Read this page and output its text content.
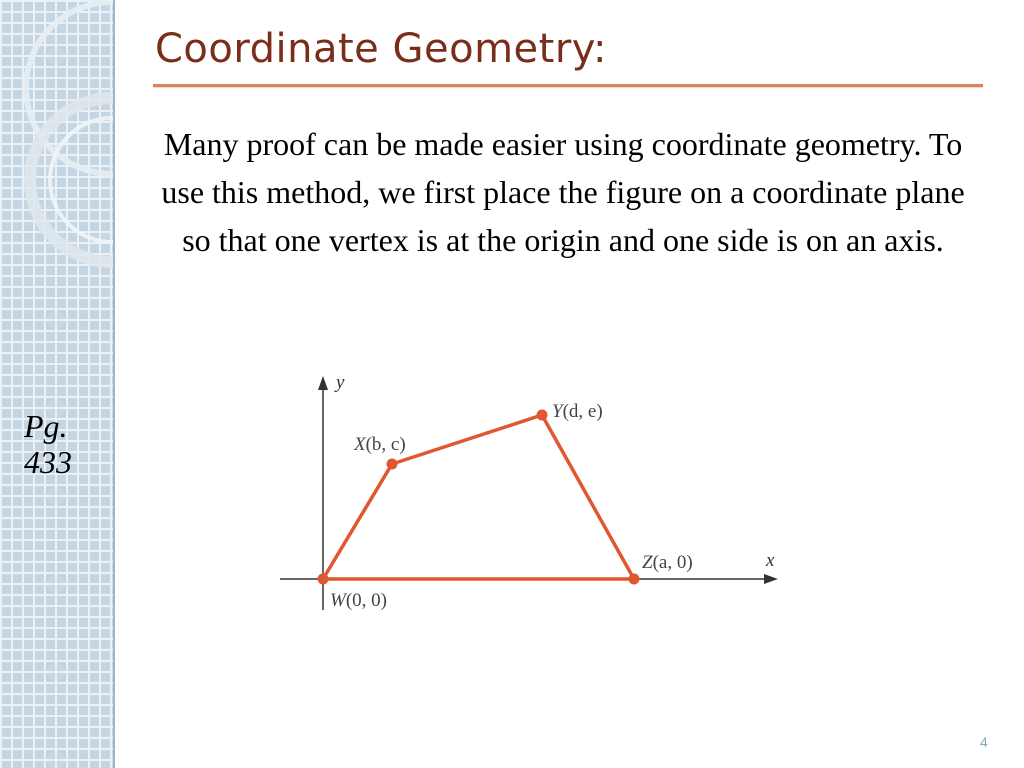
Coordinate Geometry:
Many proof can be made easier using coordinate geometry. To use this method, we first place the figure on a coordinate plane so that one vertex is at the origin and one side is on an axis.
Pg.
433
y
x
W(0, 0)
X(b, c)
Y(d, e)
Z(a, 0)
4
